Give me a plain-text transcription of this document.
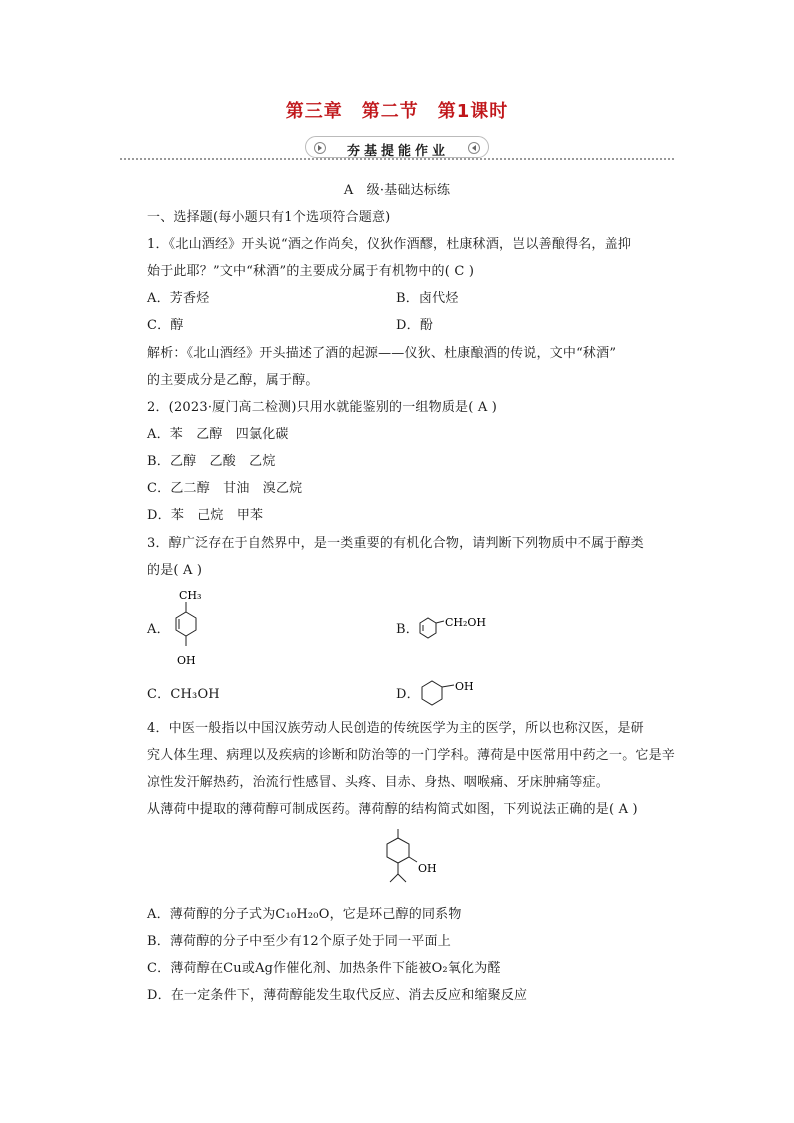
第三章　第二节　第1课时
夯基提能作业
A　级·基础达标练
一、选择题(每小题只有1个选项符合题意)
1．《北山酒经》开头说“酒之作尚矣，仪狄作酒醪，杜康秫酒，岂以善酿得名，盖抑
始于此耶？”文中“秫酒”的主要成分属于有机物中的( C )
A．芳香烃	B．卤代烃
C．醇	D．酚
解析：《北山酒经》开头描述了酒的起源——仪狄、杜康酿酒的传说，文中“秫酒”
的主要成分是乙醇，属于醇。
2．(2023·厦门高二检测)只用水就能鉴别的一组物质是( A )
A．苯　乙醇　四氯化碳
B．乙醇　乙酸　乙烷
C．乙二醇　甘油　溴乙烷
D．苯　己烷　甲苯
3．醇广泛存在于自然界中，是一类重要的有机化合物，请判断下列物质中不属于醇类
的是( A )
A．
CH₃
OH
B． CH₂OH
C．CH₃OH	D．
OH
4．中医一般指以中国汉族劳动人民创造的传统医学为主的医学，所以也称汉医，是研
究人体生理、病理以及疾病的诊断和防治等的一门学科。薄荷是中医常用中药之一。它是辛
凉性发汗解热药，治流行性感冒、头疼、目赤、身热、咽喉痛、牙床肿痛等症。
从薄荷中提取的薄荷醇可制成医药。薄荷醇的结构简式如图，下列说法正确的是( A )
OH
A．薄荷醇的分子式为C₁₀H₂₀O，它是环己醇的同系物
B．薄荷醇的分子中至少有12个原子处于同一平面上
C．薄荷醇在Cu或Ag作催化剂、加热条件下能被O₂氧化为醛
D．在一定条件下，薄荷醇能发生取代反应、消去反应和缩聚反应
